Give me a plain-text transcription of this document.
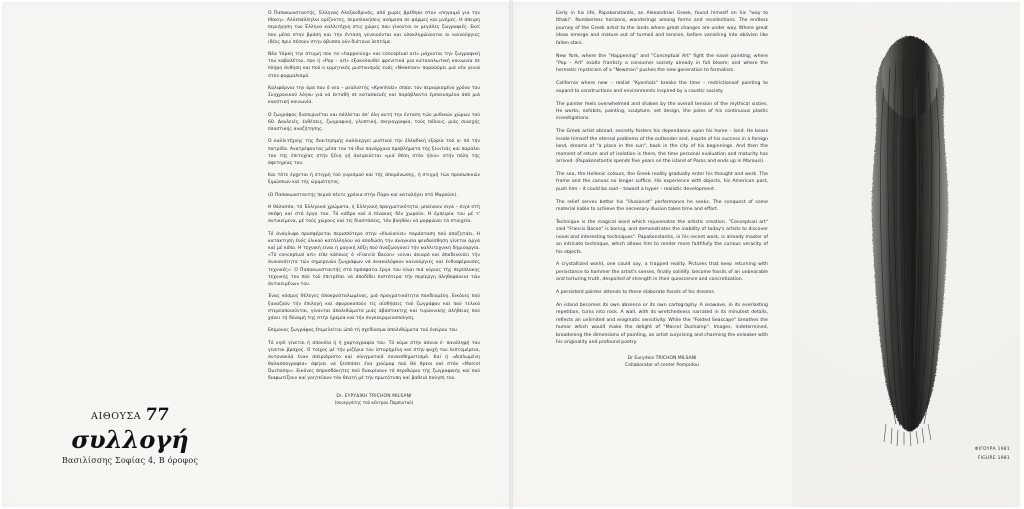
ΑΙΘΟΥΣΑ 77
συλλογή
Βασιλίσσης Σοφίας 4, Β όροφος

Ο Παπακωνσταντής, Έλληνας Αλεξανδρινός, από χωρίς βρέθηκε στον «πηγαιμό για την Ιθάκη». Αλλεπάλληλοι ορίζοντες, περιπλανήσεις ανάμεσα σε φόρμες και μνήμες. Η άπειρη περιήγηση του Έλληνα καλλιτέχνη στις χώρες που γίνονται οι μεγάλες ζωγραφιές. Εκεί που μέσα στην βράση και την ένταση γεννιούνται και ολοκληρώνονται οι καινούργιες ιδέες πριν πέσουν στην άβυσσο ούν διάτονα λεπτόμε.

Νέα Υόρκη την στιγμή που το «happening» και conceptual art» μάχονται την ζωγραφική του καβαλέτου, που ή «Pop – art» εξακολουθεί φρενιτικά μια καταναλωτική κοινωνία σε πλήρη άνθηση και πού ο ερμητικός μυστικισμός ενός «Newman» παραούρει μιά νέα γενιά στον φορμαλισμό.

Καλιφόρνια την άρα που ό νεο – ρεαλιστής «Kyenholz» σπάει τον περιορισμένο χρόνο του Συγχρονικού λόγου γιά νά έκταθή σε κατασκευές καί παράβλαντα έμπνευσμένα άπό μιά καυστική κοινωνία.

Ο ζωγράφος διαπερνιέται και πάλλεται άπ' όλη αυτή την ένταση τών μυθικών χώρων τού 60. Δουλειές, ένθέσεις, ζωγραφική, γλυπτική, σκηνογραφία, τούς πόλους, μιάς συνεχής πλαστικής αναζήτησης.

Ο καλλιτέχνης τής διαιτησιμής καλλιεργεί μυστικά τήν έλλαδική εξορία τού α- πό τήν πατρίδα. Ανατρέφοντας μέσα του τά ίδια πανάρχαια προβλήματα τής ξενιτιάς καί παράλει του τής έπιτυχίας στήν ξένη γή άνειρεύεται «μιά θέση στόν ήλιο» στήν πόλη τής άφετηρίας του.

Και τότε έρχεται ή στιγμή τού γυρισμού καί τής άπομόνωσης, ή στιγμή τών προσωπικών ξιμώσεων καί τής ώριμότητος.

(Ο Παπακωνσταντής περνά πέντε χρόνια στήν Πάρο καί καταλήγει στό Μαρούσι).

Η θάλασσα, τά Έλληνικά χρώματα, ή Έλληνική πραγματικότητα, μπαίνουν σιγά – σιγά στή σκέψη καί στό έργο του. Τό κάδρο καί ό πίνακας δέν χωρούν. Η έμπειρία του μέ τ' άντικείμενα, μέ τούς χώρους καί τίς διαστάσεις, τόν βοηθάει νά μορφώνει τά στοιχεία.

Τό άνάγλυφο προσφέρεται περισσότερο στήν «Illusionist» παράσταση πού άποζητάει. Η κατάκτηση ένός ύλικού κατάλληλου νά άποδώση τήν άναγκαία ψευδαίσθηση γίνεται άργά καί μέ κόπο. Η τεχνική είναι ή μαγική λέξη πού άναζωογονεί τήν καλλιτεχνική δημιουργία. «Τό conceptual art» είπε κάποιος ό «Francis Bacon» «είναι άνιαρό καί άποδεικνύει τήν άνικανότητα τών σημερινών ζωγράφων νά άνακαλύψουν καινούργιες καί ένδιαφέρουσες τεχνικές». Ο Παπακωνσταντής στά πρόσφατα έργα του είναι πιά κύριος τής περίπλοκης τεχνικής του πού τού έπιτρέπει νά άποδίδει πιστότερα τήν περίεργη άληθοφάνεια τών άντικειμένων του.

Ένας κόσμος θέλεγες άποκρυσταλωμένος, μιά πραγματικότητα πανδεομένη. Εικόνες πού ξαναζούν τήν έπιλογή καί σφυροκοπούν τίς αίσθήσεις τού ζωγράφου καί πού τελικά στερεοποιούνται, γίνονται άπολιθώματα μιάς άβάστακτης καί τυραννικής άλήθειας πού χάνει τή δύναμή της στήν ήρεμία καί τήν συγκεκριμενοποίηση.

Επίμονος ζωγράφος έπιμελείται ώπό τή σχεδίασμα άπολιθώματα τού ένείρου του.

Τό νησί γίνεται ή άπουσία ή ή χαρτογραφία του. Τό κύμα στήν άσυνα έ- πανάληψή του γίνεται βράχος. Ο τοίχος μέ τήν μιζέρια του ίστορημένη καί στήν ψυχή του λεπτομέρεια, άντανακλά έναν άπεριόριστο καί αίνιγματικό συναισθηματισμό. Καί ή «Διπλωμένη θαλασσογραφία» άφήνει νά ξεσπάσει ένα χιούμορ πού θά θρεοι καί στόν «Marcel Duchamp». Εικόνες άπροσδόκητες πού διακρίνουν τό περιθώριο τής ζωγραφικής καί πού διαφωτίζουν καί γοητεύουν τόν θεατή μέ τήν πρωτότυπη καί βαθειά ποίησή του.

Dr. ΕΥΡΥΔΙΚΗ TRICHON MILSANI
(συνεργάτης τού κέντρου Πομπιντού)

Early in his life, Papakonstantis, an Alexandrian Greek, found himself on his "way to Ithaki". Numberless horizons, wanderings among forms and recollections. The endless journey of the Greek artist to the lands where great changes are under way. Where great ideas emerge and mature out of turmoil and tension, before vanishing into oblivion like fallen stars.

New York, where the "Happening" and "Conceptual Art" fight the easel painting; where "Pop – Art" exalts franticly a consumer society already in full bloom; and where the hermetic mysticism of a "Newman" pushes the new generation to formalism.

California where new – realist "Kyenholz" breaks the time – restrictionsof painting to expand to constructions and environments inspired by a caustic society.

The painter feels overwhelmed and shaken by the overall tension of the mythical sixties. He works, exhibits, painting, sculpture, set design, the poles of his continuous plastic investigations.

The Greek artist abroad, secretly fosters his dependance upon his home – land. He bears inside himself the eternal problems of the outlander and, inspite of his success in a foreign land, dreams of "a place in the sun", back in the city of his beginnings. And then the moment of return and of isolation is there, the time personal evaluation and maturity has arrived. (Papakonstantis spends five years on the island of Paros and ends up in Marousi).

The sea, the Hellenic colours, the Greek reality gradually enter his thought and work. The frame and the canvas no longer suffice. His experience with objects, his American past, push him – it could be said – toward a hyper – realistic development.

The relief serves better his "illusionist" performance he seeks. The conquest of some material liable to achieve the necessary illusion takes time and effort.

Technique is the magical word which rejuvenates the artistic creation. "Conceptual art" said "Francis Bacon" is boring, and demonstrates the inability of today's artists to discover novel and interesting techniques". Papakonstantis, in his recent work, is already master of an intricate technique, which allows him to render more faithfully the curious veracity of his objects.

A crystallized world, one could say, a trapped reality. Pictures that keep returning with persistance to hammer the artist's senses, finally solidify, become fossils of an unbearable and torturing truth, despoiled of strength in their quiescence and concretization.

A persistent painter attends to these elaborate fossils of his dreams.

An island becomes its own absence or its own cartography. A seawave, in its everlasting repetition, turns into rock. A wall, with its wretchedness narrated in its minutest details, reflects an unlimited and enigmatic sensitivity. While the "Folded Seascape" breathes the humor which would make the delight of "Marcel Duchamp". Images, indetermined, broadening the dimensions of painting, an artist surprising and charming the onlooker with his originality and profound poetry.

Dr Eurydice TRICHON MILSANI
Collaborator of center Pompidou
ΦΙΓΟΥΡΑ 1981
FIGURE 1981
